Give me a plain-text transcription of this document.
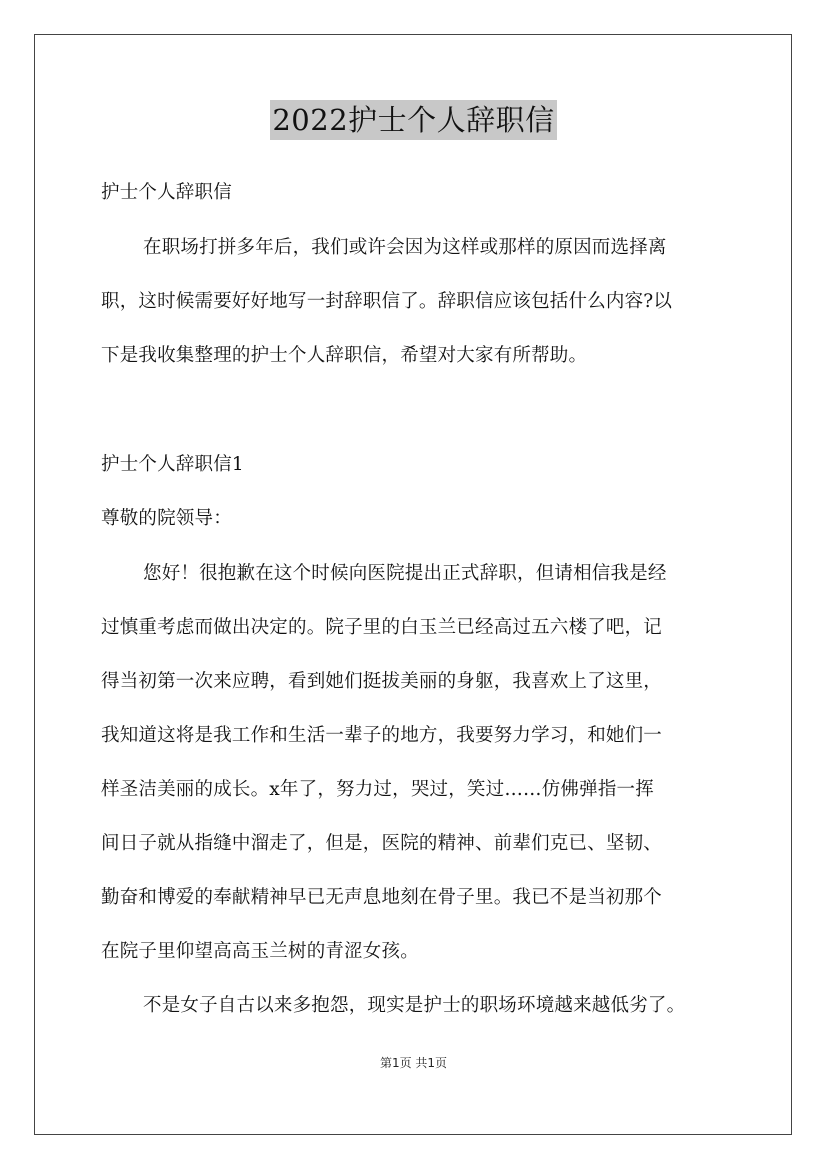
2022护士个人辞职信
护士个人辞职信
在职场打拼多年后，我们或许会因为这样或那样的原因而选择离
职，这时候需要好好地写一封辞职信了。辞职信应该包括什么内容?以
下是我收集整理的护士个人辞职信，希望对大家有所帮助。
护士个人辞职信1
尊敬的院领导：
您好！很抱歉在这个时候向医院提出正式辞职，但请相信我是经
过慎重考虑而做出决定的。院子里的白玉兰已经高过五六楼了吧，记
得当初第一次来应聘，看到她们挺拔美丽的身躯，我喜欢上了这里，
我知道这将是我工作和生活一辈子的地方，我要努力学习，和她们一
样圣洁美丽的成长。x年了，努力过，哭过，笑过……仿佛弹指一挥
间日子就从指缝中溜走了，但是，医院的精神、前辈们克已、坚韧、
勤奋和博爱的奉献精神早已无声息地刻在骨子里。我已不是当初那个
在院子里仰望高高玉兰树的青涩女孩。
不是女子自古以来多抱怨，现实是护士的职场环境越来越低劣了。
第1页 共1页
